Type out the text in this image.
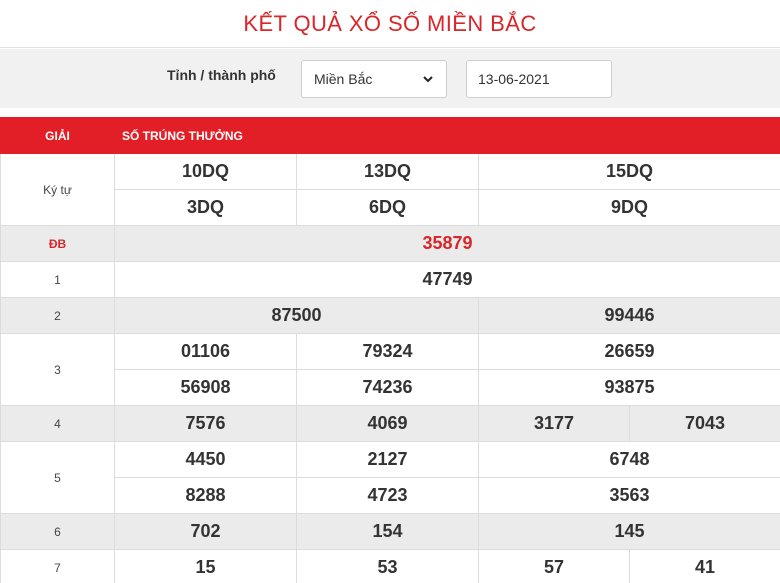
KẾT QUẢ XỔ SỐ MIỀN BẮC
Tỉnh / thành phố	Miền Bắc	13-06-2021
GIẢI	SỐ TRÚNG THƯỞNG			
Ký tự	10DQ	13DQ	15DQ	
	3DQ	6DQ	9DQ	
ĐB	35879			
1	47749			
2	87500		99446	
3	01106	79324	26659	
	56908	74236	93875	
4	7576	4069	3177	7043
5	4450	2127	6748	
	8288	4723	3563	
6	702	154	145	
7	15	53	57	41
